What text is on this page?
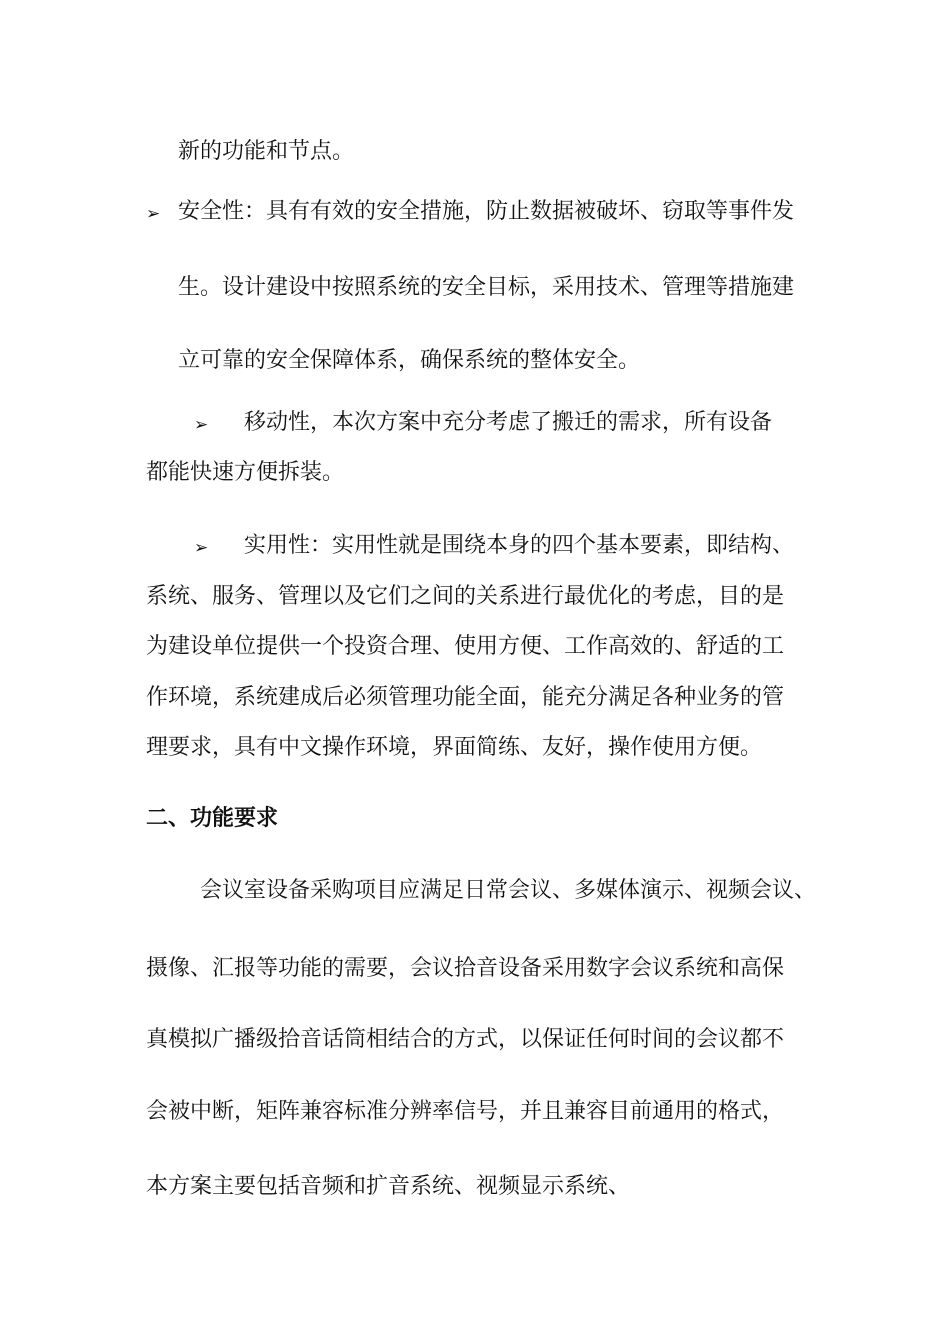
新的功能和节点。

➢ 安全性：具有有效的安全措施，防止数据被破坏、窃取等事件发

生。设计建设中按照系统的安全目标，采用技术、管理等措施建

立可靠的安全保障体系，确保系统的整体安全。

➢ 移动性，本次方案中充分考虑了搬迁的需求，所有设备

都能快速方便拆装。

➢ 实用性：实用性就是围绕本身的四个基本要素，即结构、

系统、服务、管理以及它们之间的关系进行最优化的考虑，目的是

为建设单位提供一个投资合理、使用方便、工作高效的、舒适的工

作环境，系统建成后必须管理功能全面，能充分满足各种业务的管

理要求，具有中文操作环境，界面简练、友好，操作使用方便。

二、功能要求

会议室设备采购项目应满足日常会议、多媒体演示、视频会议、

摄像、汇报等功能的需要，会议拾音设备采用数字会议系统和高保

真模拟广播级拾音话筒相结合的方式，以保证任何时间的会议都不

会被中断，矩阵兼容标准分辨率信号，并且兼容目前通用的格式，

本方案主要包括音频和扩音系统、视频显示系统、
